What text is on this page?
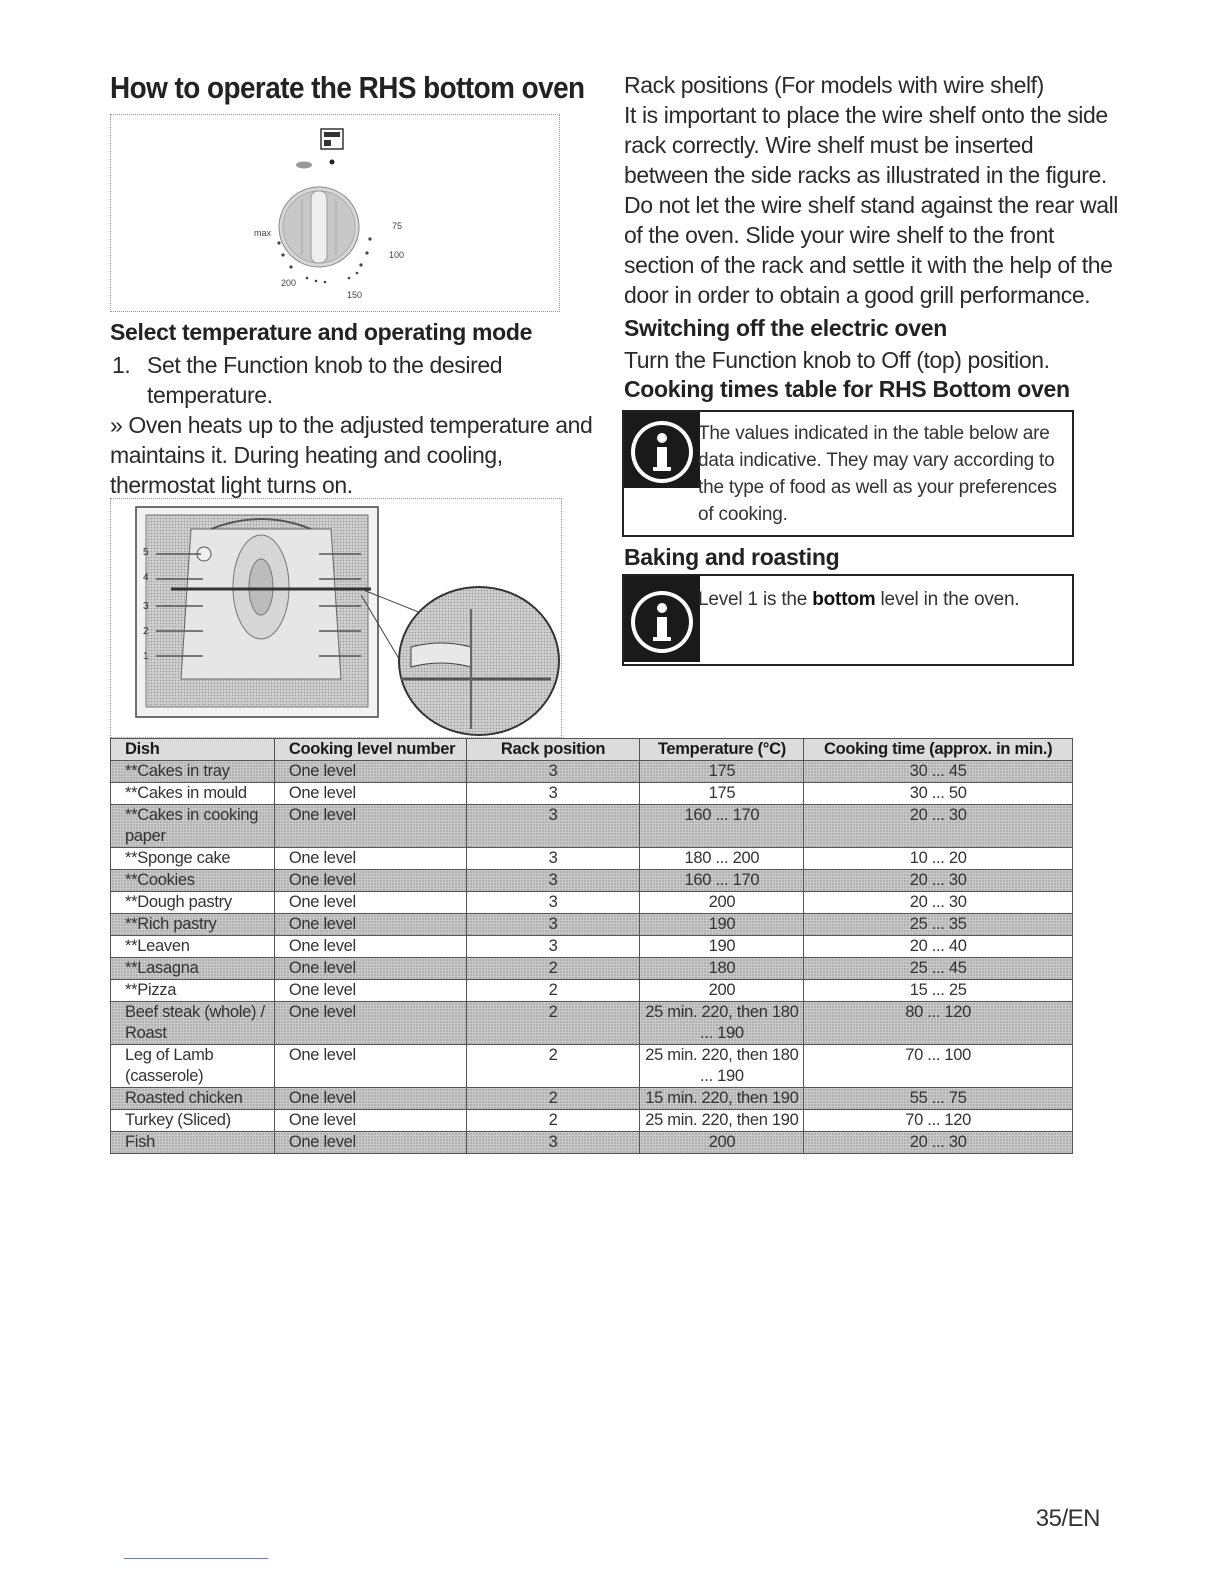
How to operate the RHS bottom oven
max
75
100
150
200
Select temperature and operating mode
1. Set the Function knob to the desired
temperature.
» Oven heats up to the adjusted temperature and
maintains it. During heating and cooling,
thermostat light turns on.
5
4
3
2
1
Rack positions (For models with wire shelf)
It is important to place the wire shelf onto the side
rack correctly. Wire shelf must be inserted
between the side racks as illustrated in the figure.
Do not let the wire shelf stand against the rear wall
of the oven. Slide your wire shelf to the front
section of the rack and settle it with the help of the
door in order to obtain a good grill performance.
Switching off the electric oven
Turn the Function knob to Off (top) position.
Cooking times table for RHS Bottom oven
The values indicated in the table below are
data indicative. They may vary according to
the type of food as well as your preferences
of cooking.
Baking and roasting
Level 1 is the bottom level in the oven.
Dish	Cooking level number	Rack position	Temperature (°C)	Cooking time (approx. in min.)
**Cakes in tray	One level	3	175	30 ... 45
**Cakes in mould	One level	3	175	30 ... 50
**Cakes in cooking paper	One level	3	160 ... 170	20 ... 30
**Sponge cake	One level	3	180 ... 200	10 ... 20
**Cookies	One level	3	160 ... 170	20 ... 30
**Dough pastry	One level	3	200	20 ... 30
**Rich pastry	One level	3	190	25 ... 35
**Leaven	One level	3	190	20 ... 40
**Lasagna	One level	2	180	25 ... 45
**Pizza	One level	2	200	15 ... 25
Beef steak (whole) / Roast	One level	2	25 min. 220, then 180 ... 190	80 ... 120
Leg of Lamb (casserole)	One level	2	25 min. 220, then 180 ... 190	70 ... 100
Roasted chicken	One level	2	15 min. 220, then 190	55 ... 75
Turkey (Sliced)	One level	2	25 min. 220, then 190	70 ... 120
Fish	One level	3	200	20 ... 30
35/EN
